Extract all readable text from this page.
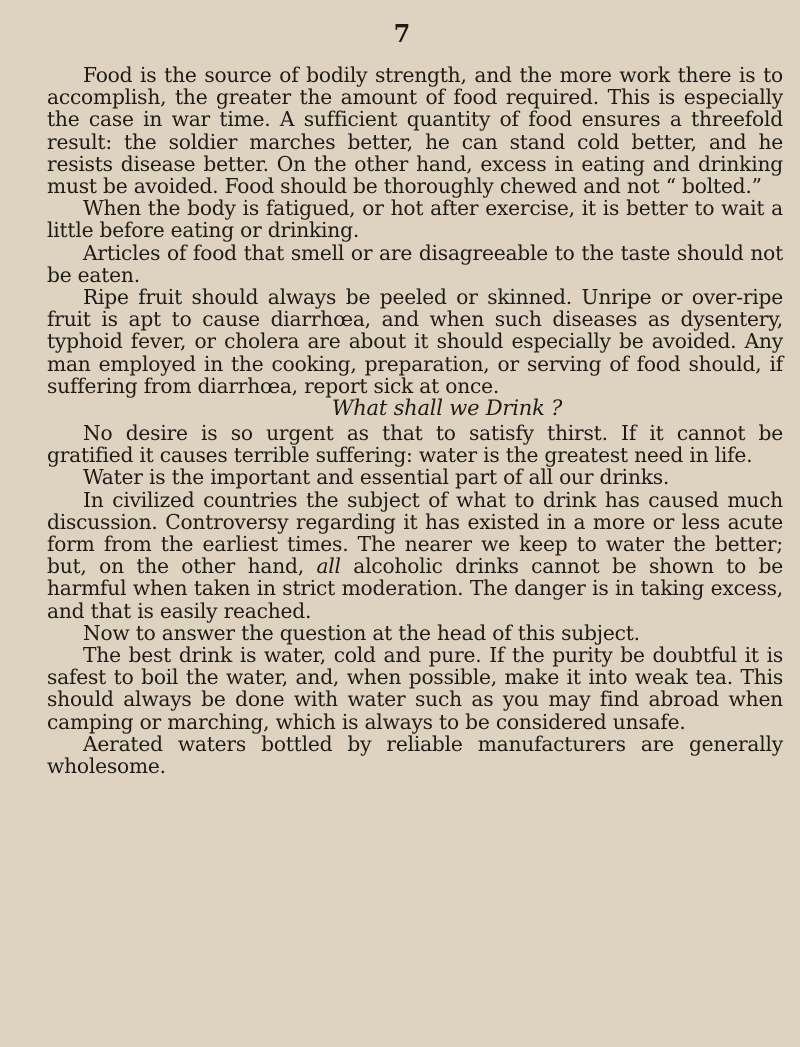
7

Food is the source of bodily strength, and the more work there is to accomplish, the greater the amount of food required. This is especially the case in war time. A sufficient quantity of food ensures a threefold result: the soldier marches better, he can stand cold better, and he resists disease better. On the other hand, excess in eating and drinking must be avoided. Food should be thoroughly chewed and not “ bolted.”

When the body is fatigued, or hot after exercise, it is better to wait a little before eating or drinking.

Articles of food that smell or are disagreeable to the taste should not be eaten.

Ripe fruit should always be peeled or skinned. Unripe or over-ripe fruit is apt to cause diarrhœa, and when such diseases as dysentery, typhoid fever, or cholera are about it should especially be avoided. Any man employed in the cooking, preparation, or serving of food should, if suffering from diarrhœa, report sick at once.

What shall we Drink ?

No desire is so urgent as that to satisfy thirst. If it cannot be gratified it causes terrible suffering: water is the greatest need in life.

Water is the important and essential part of all our drinks.

In civilized countries the subject of what to drink has caused much discussion. Controversy regarding it has existed in a more or less acute form from the earliest times. The nearer we keep to water the better; but, on the other hand, all alcoholic drinks cannot be shown to be harmful when taken in strict moderation. The danger is in taking excess, and that is easily reached.

Now to answer the question at the head of this subject.

The best drink is water, cold and pure. If the purity be doubtful it is safest to boil the water, and, when possible, make it into weak tea. This should always be done with water such as you may find abroad when camping or marching, which is always to be considered unsafe.

Aerated waters bottled by reliable manufacturers are generally wholesome.
